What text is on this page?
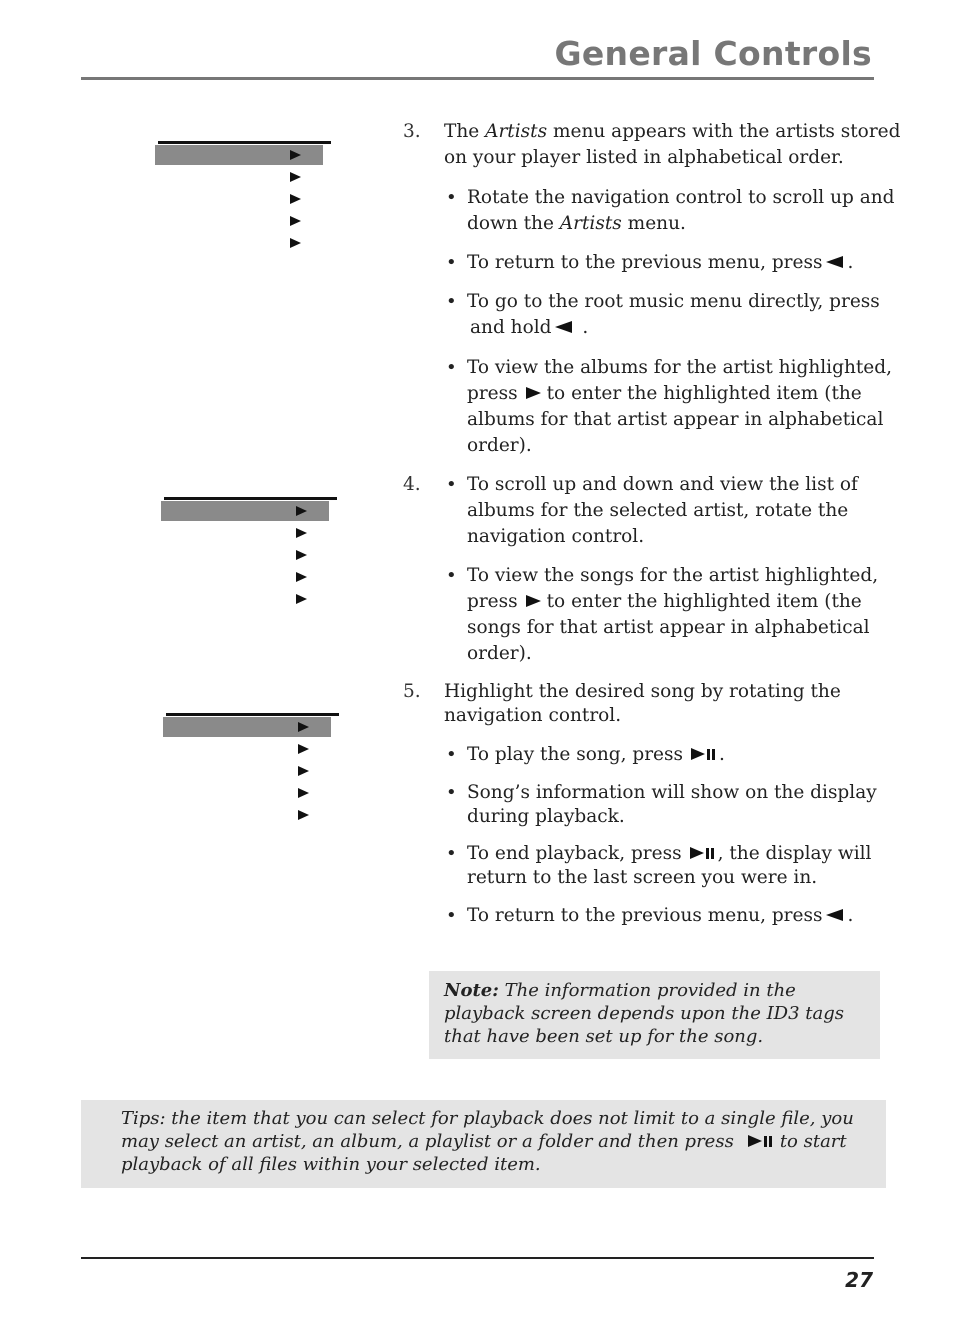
General Controls
3. The Artists menu appears with the artists stored
on your player listed in alphabetical order.
• Rotate the navigation control to scroll up and
down the Artists menu.
• To return to the previous menu, press .
• To go to the root music menu directly, press
and hold .
• To view the albums for the artist highlighted,
press to enter the highlighted item (the
albums for that artist appear in alphabetical
order).
4. • To scroll up and down and view the list of
albums for the selected artist, rotate the
navigation control.
• To view the songs for the artist highlighted,
press to enter the highlighted item (the
songs for that artist appear in alphabetical
order).
5. Highlight the desired song by rotating the
navigation control.
• To play the song, press .
• Song’s information will show on the display
during playback.
• To end playback, press , the display will
return to the last screen you were in.
• To return to the previous menu, press .
Note: The information provided in the
playback screen depends upon the ID3 tags
that have been set up for the song.
Tips: the item that you can select for playback does not limit to a single file, you
may select an artist, an album, a playlist or a folder and then press	to start
playback of all files within your selected item.
27
